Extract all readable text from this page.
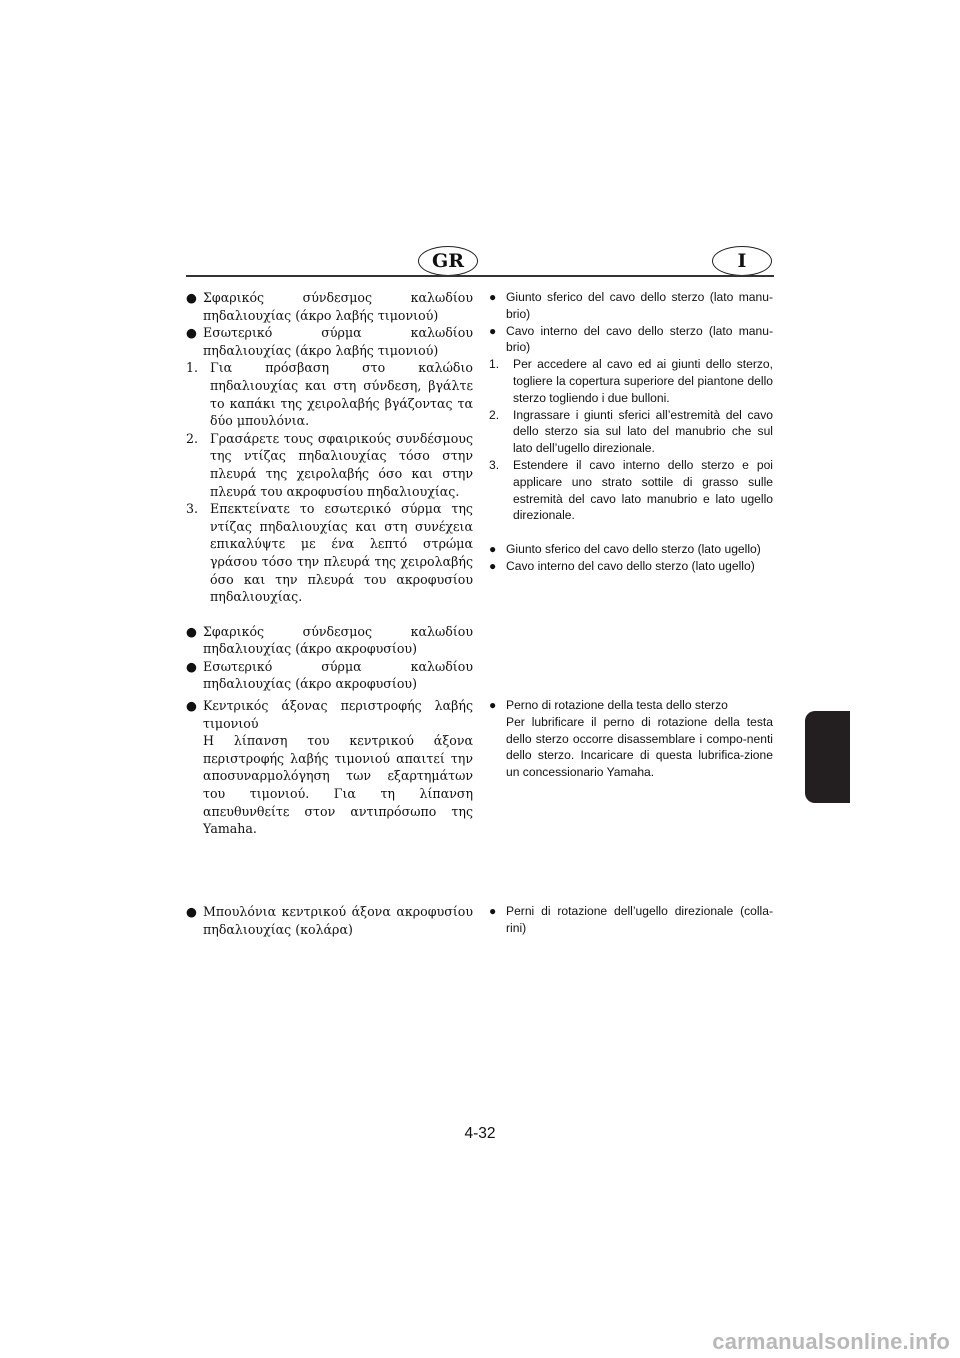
GR	I
● Σφαρικός σύνδεσμος καλωδίου πηδαλιουχίας (άκρο λαβής τιμονιού)
● Εσωτερικό σύρμα καλωδίου πηδαλιουχίας (άκρο λαβής τιμονιού)
1. Για πρόσβαση στο καλώδιο πηδαλιουχίας και στη σύνδεση, βγάλτε το καπάκι της χειρολαβής βγάζοντας τα δύο μπουλόνια.
2. Γρασάρετε τους σφαιρικούς συνδέσμους της ντίζας πηδαλιουχίας τόσο στην πλευρά της χειρολαβής όσο και στην πλευρά του ακροφυσίου πηδαλιουχίας.
3. Επεκτείνατε το εσωτερικό σύρμα της ντίζας πηδαλιουχίας και στη συνέχεια επικαλύψτε με ένα λεπτό στρώμα γράσου τόσο την πλευρά της χειρολαβής όσο και την πλευρά του ακροφυσίου πηδαλιουχίας.
● Σφαρικός σύνδεσμος καλωδίου πηδαλιουχίας (άκρο ακροφυσίου)
● Εσωτερικό σύρμα καλωδίου πηδαλιουχίας (άκρο ακροφυσίου)
● Giunto sferico del cavo dello sterzo (lato manu-brio)
● Cavo interno del cavo dello sterzo (lato manu-brio)
1. Per accedere al cavo ed ai giunti dello sterzo, togliere la copertura superiore del piantone dello sterzo togliendo i due bulloni.
2. Ingrassare i giunti sferici all’estremità del cavo dello sterzo sia sul lato del manubrio che sul lato dell’ugello direzionale.
3. Estendere il cavo interno dello sterzo e poi applicare uno strato sottile di grasso sulle estremità del cavo lato manubrio e lato ugello direzionale.
● Giunto sferico del cavo dello sterzo (lato ugello)
● Cavo interno del cavo dello sterzo (lato ugello)
● Κεντρικός άξονας περιστροφής λαβής τιμονιού
Η λίπανση του κεντρικού άξονα περιστροφής λαβής τιμονιού απαιτεί την αποσυναρμολόγηση των εξαρτημάτων του τιμονιού. Για τη λίπανση απευθυνθείτε στον αντιπρόσωπο της Yamaha.
● Perno di rotazione della testa dello sterzo
Per lubrificare il perno di rotazione della testa dello sterzo occorre disassemblare i compo-nenti dello sterzo. Incaricare di questa lubrifica-zione un concessionario Yamaha.
● Μπουλόνια κεντρικού άξονα ακροφυσίου πηδαλιουχίας (κολάρα)
● Perni di rotazione dell’ugello direzionale (colla-rini)
4-32
carmanualsonline.info
